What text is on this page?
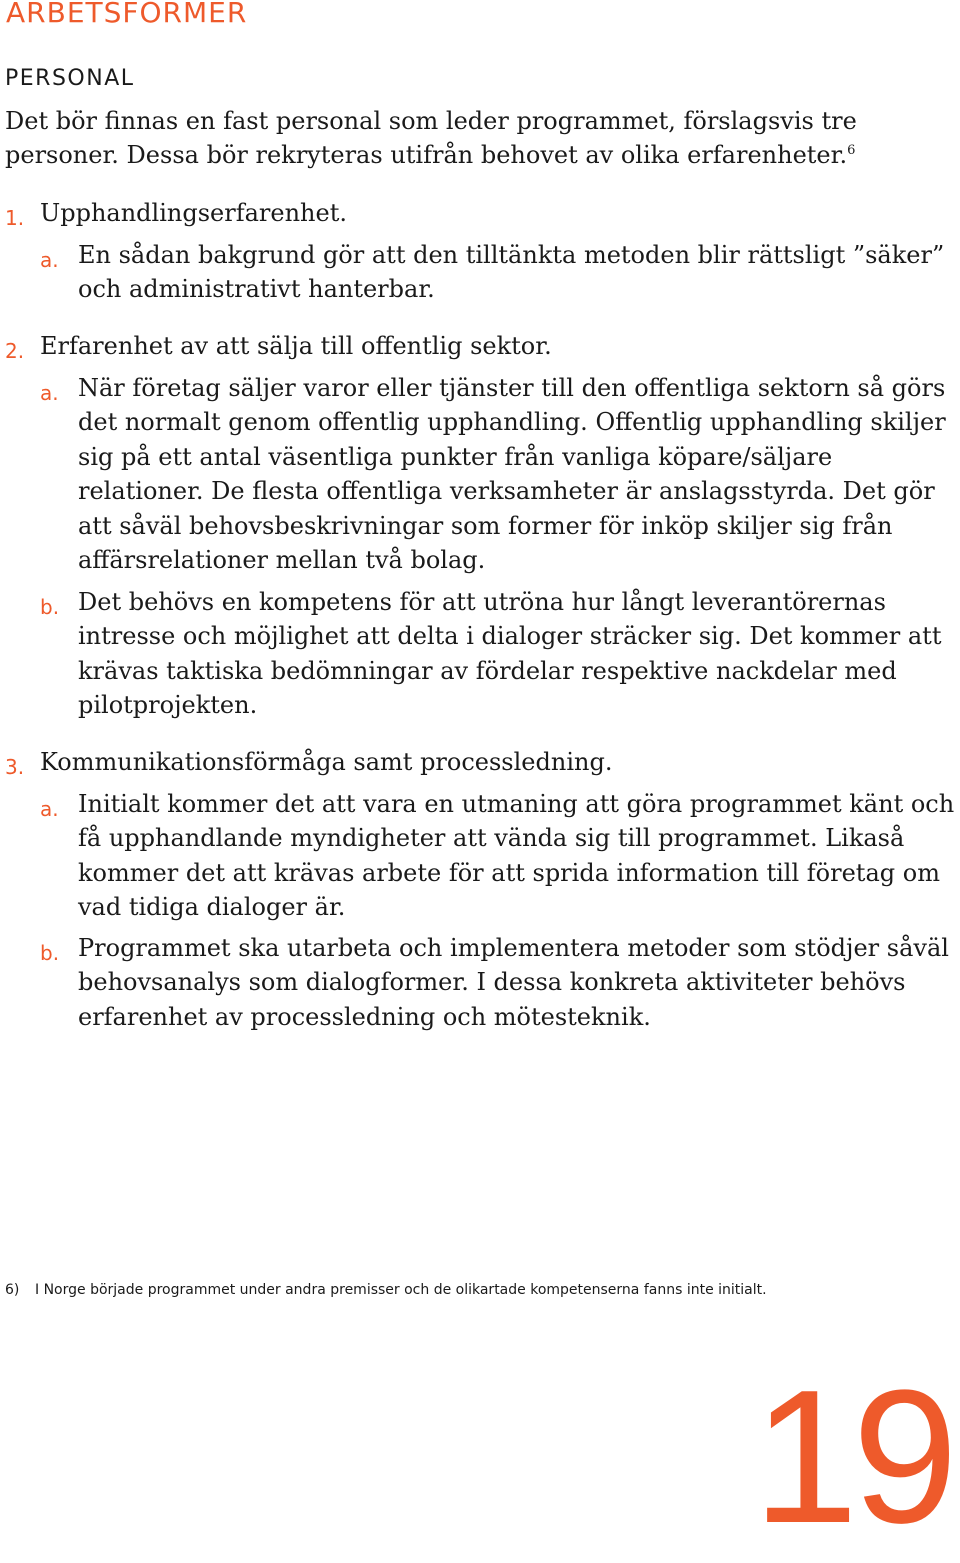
ARBETSFORMER
PERSONAL

Det bör finnas en fast personal som leder programmet, förslagsvis tre personer. Dessa bör rekryteras utifrån behovet av olika erfarenheter.$^6$

1. Upphandlingserfarenhet.
a. En sådan bakgrund gör att den tilltänkta metoden blir rättsligt ”säker” och administrativt hanterbar.
2. Erfarenhet av att sälja till offentlig sektor.
a. När företag säljer varor eller tjänster till den offentliga sektorn så görs det normalt genom offentlig upphandling. Offentlig upphandling skiljer sig på ett antal väsentliga punkter från vanliga köpare/säljare relationer. De flesta offentliga verksamheter är anslagsstyrda. Det gör att såväl behovsbeskrivningar som former för inköp skiljer sig från affärsrelationer mellan två bolag.
b. Det behövs en kompetens för att utröna hur långt leverantörernas intresse och möjlighet att delta i dialoger sträcker sig. Det kommer att krävas taktiska bedömningar av fördelar respektive nackdelar med pilotprojekten.
3. Kommunikationsförmåga samt processledning.
a. Initialt kommer det att vara en utmaning att göra programmet känt och få upphandlande myndigheter att vända sig till programmet. Likaså kommer det att krävas arbete för att sprida information till företag om vad tidiga dialoger är.
b. Programmet ska utarbeta och implementera metoder som stödjer såväl behovsanalys som dialogformer. I dessa konkreta aktiviteter behövs erfarenhet av processledning och mötesteknik.
6) I Norge började programmet under andra premisser och de olikartade kompetenserna fanns inte initialt.
19
